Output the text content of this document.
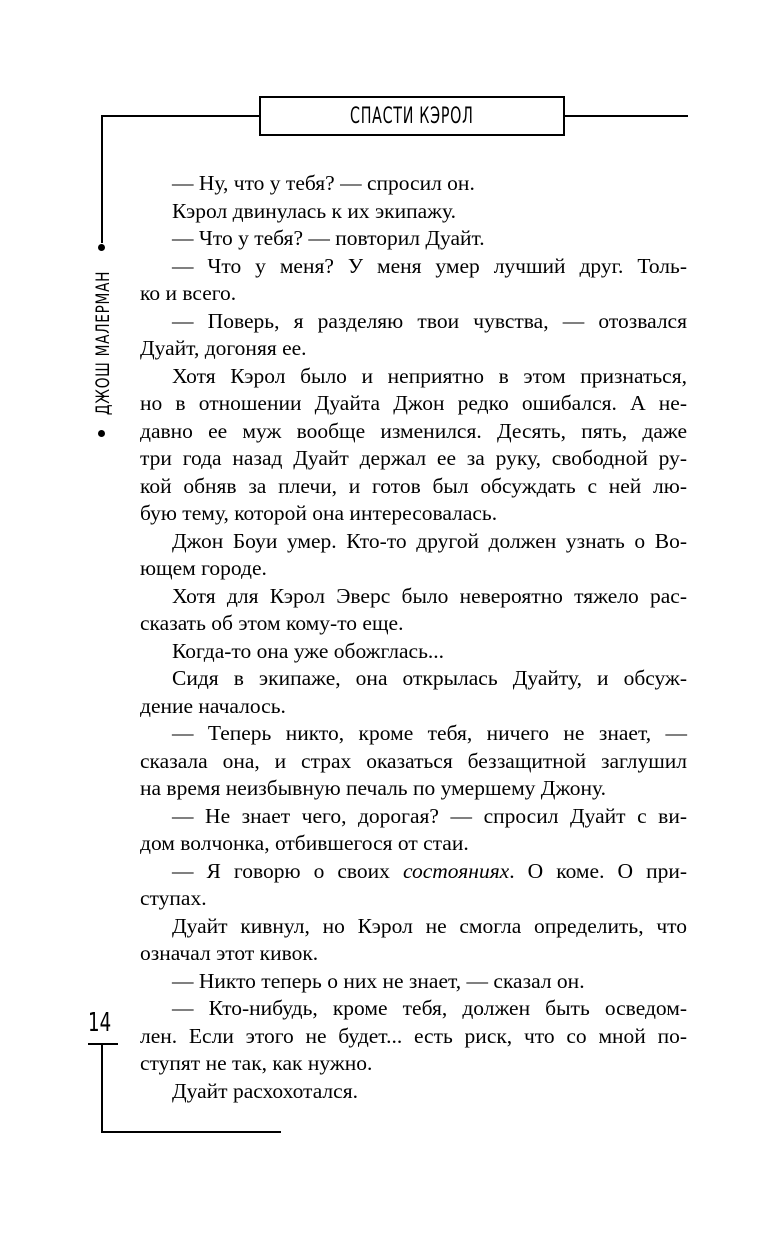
СПАСТИ КЭРОЛ
ДЖОШ МАЛЕРМАН
14

— Ну, что у тебя? — спросил он.

Кэрол двинулась к их экипажу.

— Что у тебя? — повторил Дуайт.

— Что у меня? У меня умер лучший друг. Толь-

ко и всего.

— Поверь, я разделяю твои чувства, — отозвался

Дуайт, догоняя ее.

Хотя Кэрол было и неприятно в этом признаться,

но в отношении Дуайта Джон редко ошибался. А не-

давно ее муж вообще изменился. Десять, пять, даже

три года назад Дуайт держал ее за руку, свободной ру-

кой обняв за плечи, и готов был обсуждать с ней лю-

бую тему, которой она интересовалась.

Джон Боуи умер. Кто-то другой должен узнать о Во-

ющем городе.

Хотя для Кэрол Эверс было невероятно тяжело рас-

сказать об этом кому-то еще.

Когда-то она уже обожглась...

Сидя в экипаже, она открылась Дуайту, и обсуж-

дение началось.

— Теперь никто, кроме тебя, ничего не знает, —

сказала она, и страх оказаться беззащитной заглушил

на время неизбывную печаль по умершему Джону.

— Не знает чего, дорогая? — спросил Дуайт с ви-

дом волчонка, отбившегося от стаи.

— Я говорю о своих состояниях. О коме. О при-

ступах.

Дуайт кивнул, но Кэрол не смогла определить, что

означал этот кивок.

— Никто теперь о них не знает, — сказал он.

— Кто-нибудь, кроме тебя, должен быть осведом-

лен. Если этого не будет... есть риск, что со мной по-

ступят не так, как нужно.

Дуайт расхохотался.
